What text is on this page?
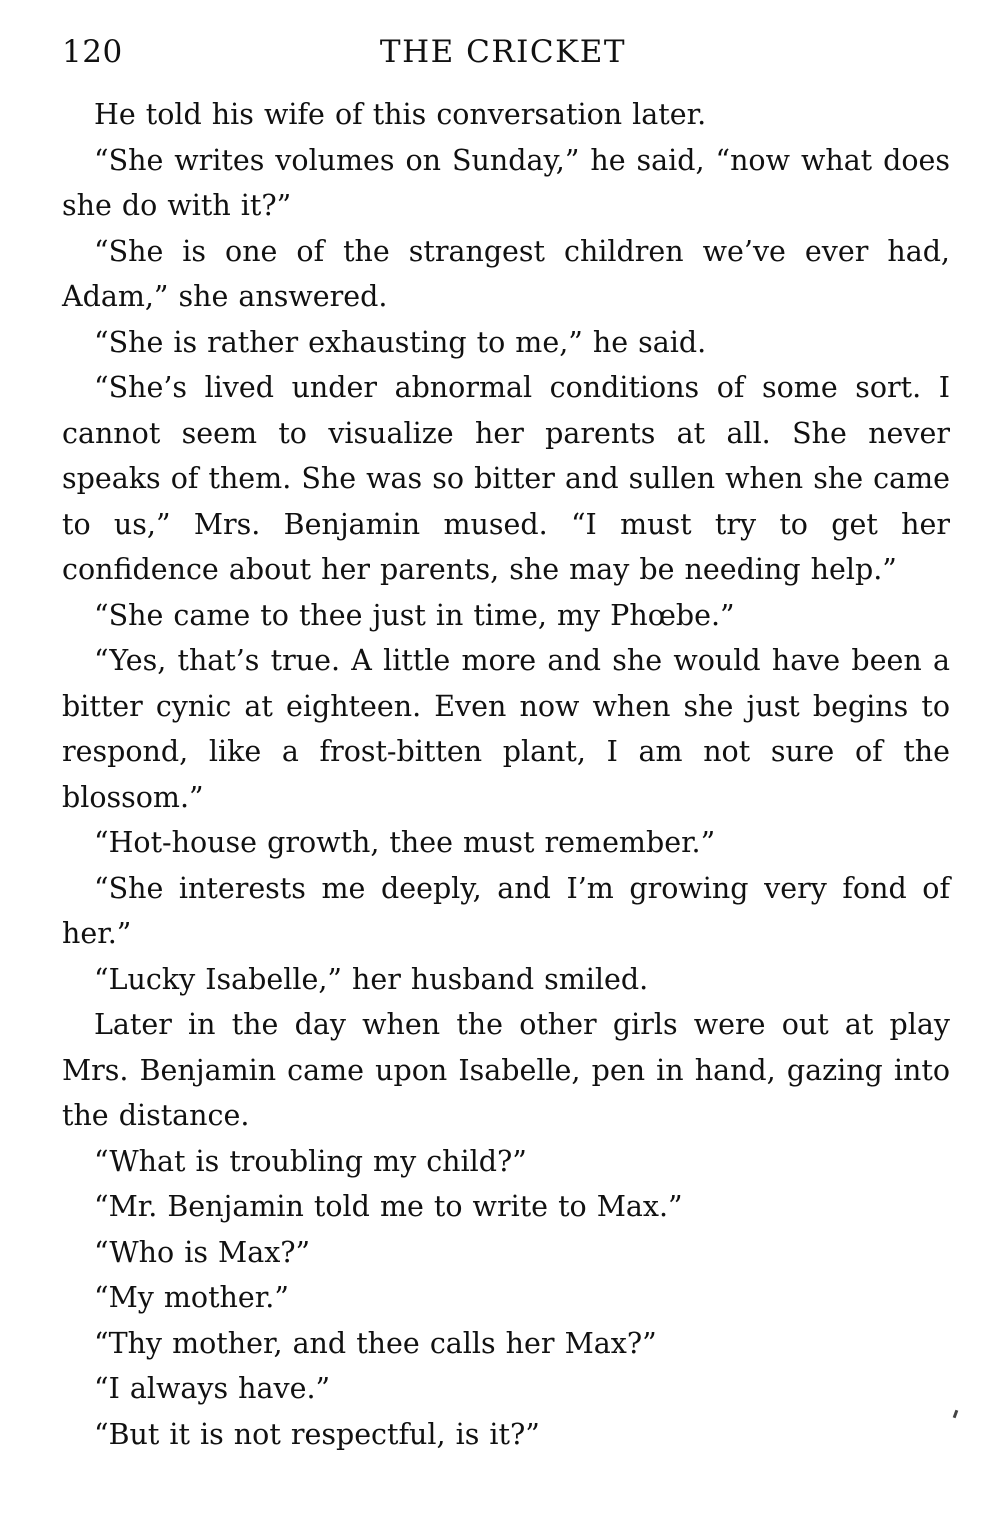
120	THE CRICKET

He told his wife of this conversation later.

“She writes volumes on Sunday,” he said, “now what does she do with it?”

“She is one of the strangest children we’ve ever had, Adam,” she answered.

“She is rather exhausting to me,” he said.

“She’s lived under abnormal conditions of some sort. I cannot seem to visualize her parents at all. She never speaks of them. She was so bitter and sullen when she came to us,” Mrs. Benjamin mused. “I must try to get her confidence about her parents, she may be needing help.”

“She came to thee just in time, my Phœbe.”

“Yes, that’s true. A little more and she would have been a bitter cynic at eighteen. Even now when she just begins to respond, like a frost-bitten plant, I am not sure of the blossom.”

“Hot-house growth, thee must remember.”

“She interests me deeply, and I’m growing very fond of her.”

“Lucky Isabelle,” her husband smiled.

Later in the day when the other girls were out at play Mrs. Benjamin came upon Isabelle, pen in hand, gazing into the distance.

“What is troubling my child?”

“Mr. Benjamin told me to write to Max.”

“Who is Max?”

“My mother.”

“Thy mother, and thee calls her Max?”

“I always have.”

“But it is not respectful, is it?”
